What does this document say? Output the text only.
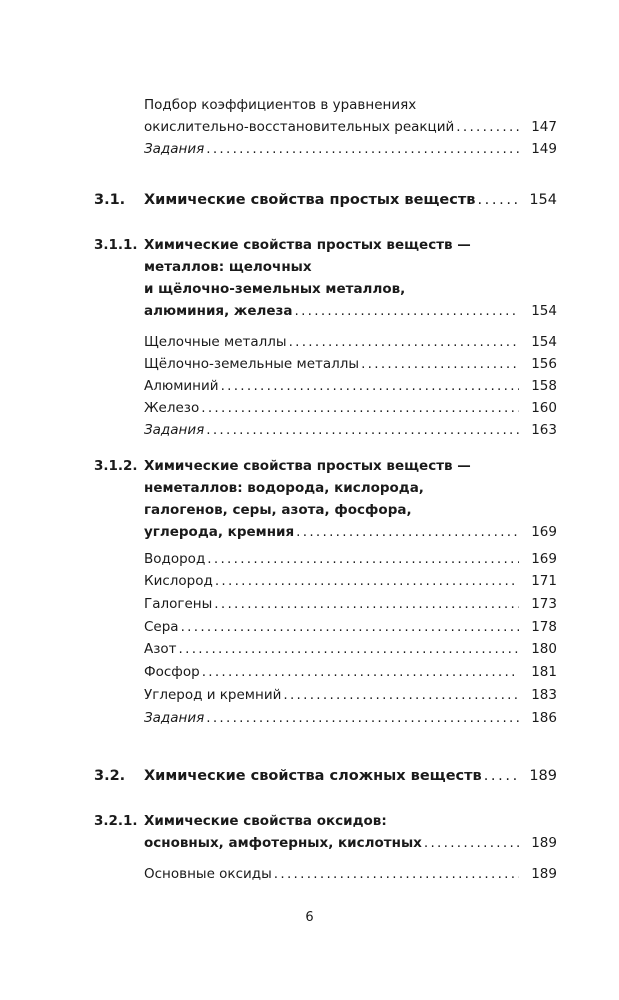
Подбор коэффициентов в уравнениях
окислительно-восстановительных реакций . . .	147
Задания . . .	149
3.1. Химические свойства простых веществ . . .	154
3.1.1. Химические свойства простых веществ —
металлов: щелочных
и щёлочно-земельных металлов,
алюминия, железа . . .	154
Щелочные металлы . . .	154
Щёлочно-земельные металлы . . .	156
Алюминий . . .	158
Железо . . .	160
Задания . . .	163
3.1.2. Химические свойства простых веществ —
неметаллов: водорода, кислорода,
галогенов, серы, азота, фосфора,
углерода, кремния . . .	169
Водород . . .	169
Кислород . . .	171
Галогены . . .	173
Сера . . .	178
Азот . . .	180
Фосфор . . .	181
Углерод и кремний . . .	183
Задания . . .	186
3.2. Химические свойства сложных веществ . . .	189
3.2.1. Химические свойства оксидов:
основных, амфотерных, кислотных . . .	189
Основные оксиды . . .	189
6
